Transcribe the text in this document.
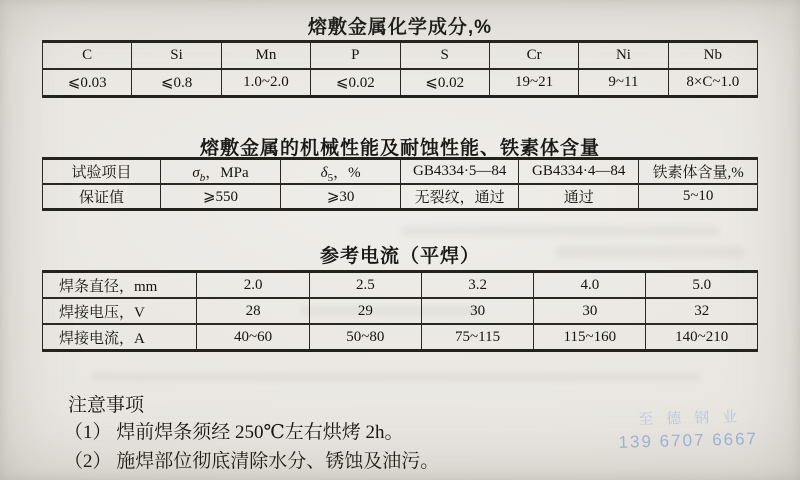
熔敷金属化学成分,%
C	Si	Mn	P	S	Cr	Ni	Nb
⩽0.03	⩽0.8	1.0~2.0	⩽0.02	⩽0.02	19~21	9~11	8×C~1.0
熔敷金属的机械性能及耐蚀性能、铁素体含量
试验项目	$\sigma_b$，MPa	$\delta_5$，%	GB4334·5—84	GB4334·4—84	铁素体含量,%
保证值	⩾550	⩾30	无裂纹，通过	通过	5~10
参考电流（平焊）
焊条直径，mm	2.0	2.5	3.2	4.0	5.0
焊接电压，V	28	29	30	30	32
焊接电流，A	40~60	50~80	75~115	115~160	140~210
注意事项
（1） 焊前焊条须经 250℃左右烘烤 2h。
（2） 施焊部位彻底清除水分、锈蚀及油污。
至德钢业
139 6707 6667
